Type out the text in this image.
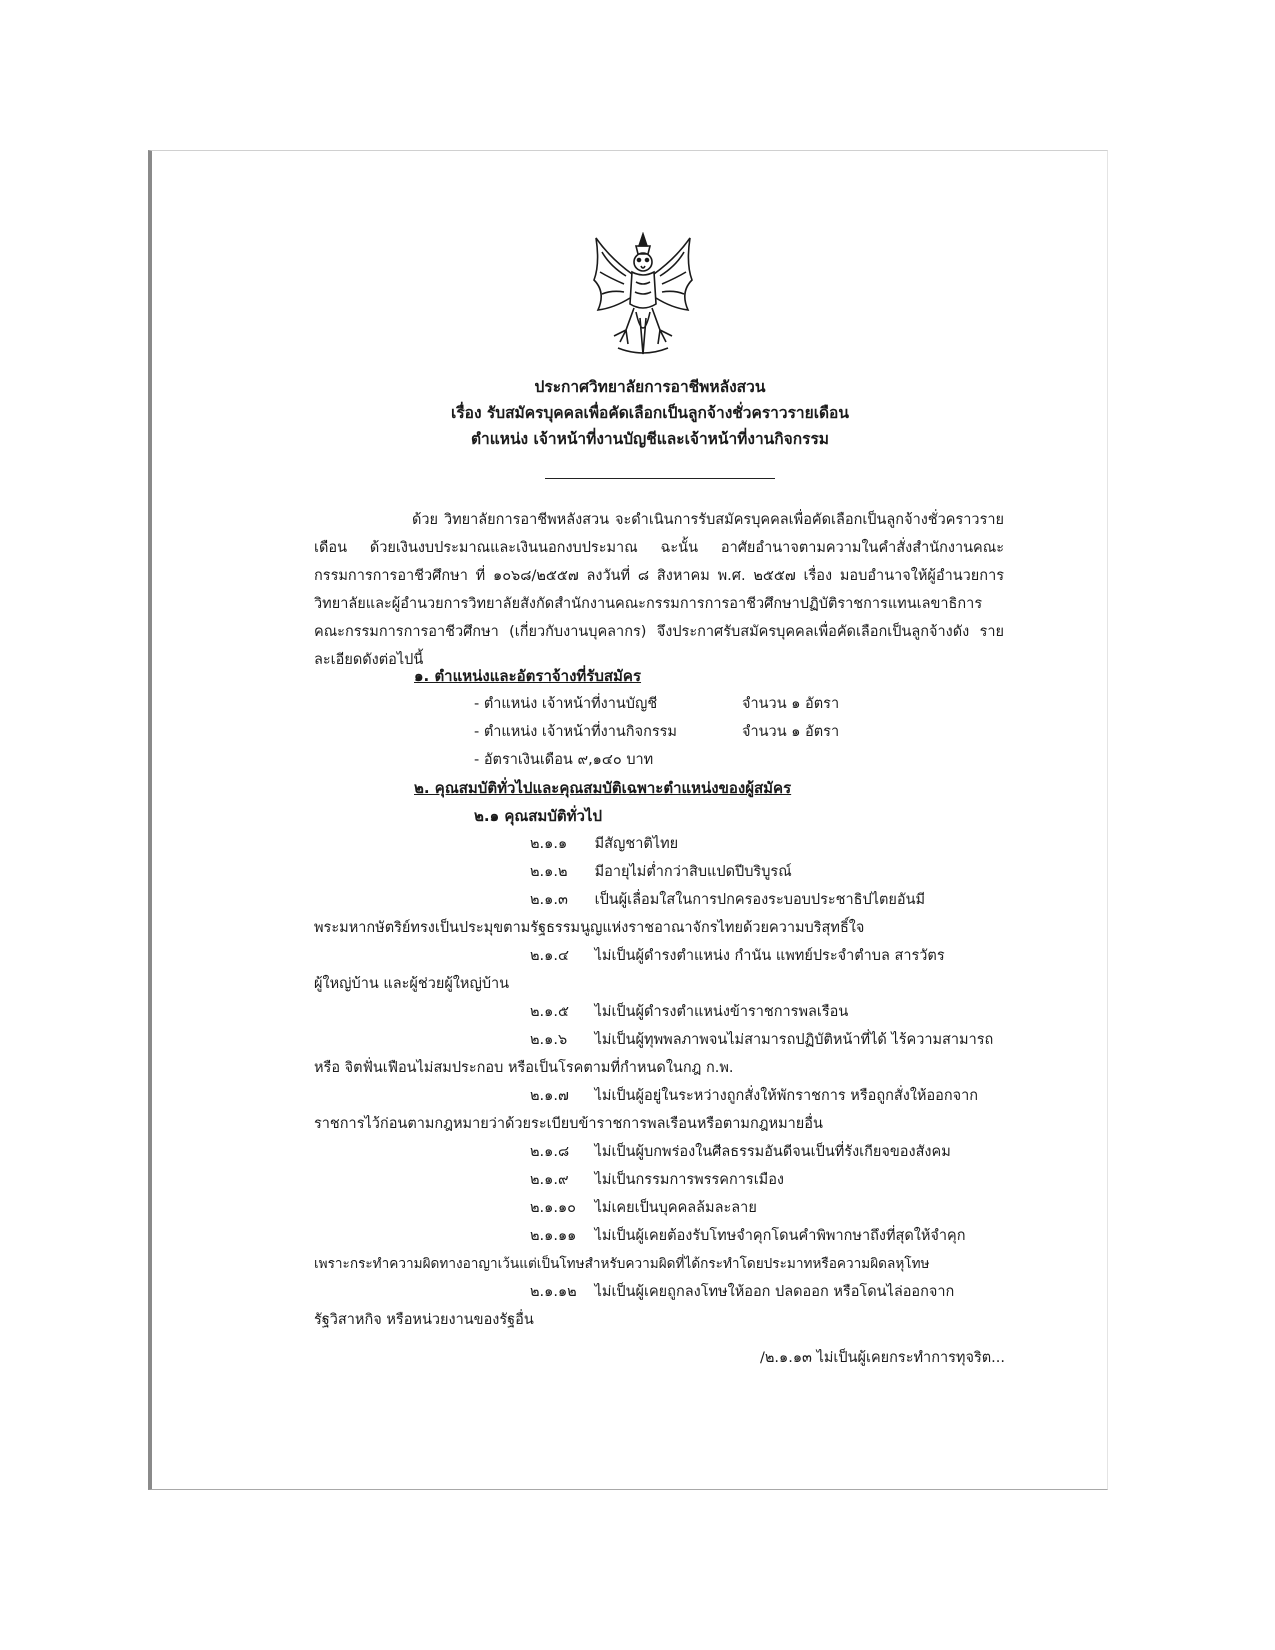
ประกาศวิทยาลัยการอาชีพหลังสวน
เรื่อง รับสมัครบุคคลเพื่อคัดเลือกเป็นลูกจ้างชั่วคราวรายเดือน
ตำแหน่ง เจ้าหน้าที่งานบัญชีและเจ้าหน้าที่งานกิจกรรม
ด้วย วิทยาลัยการอาชีพหลังสวน จะดำเนินการรับสมัครบุคคลเพื่อคัดเลือกเป็นลูกจ้างชั่วคราวรายเดือน ด้วยเงินงบประมาณและเงินนอกงบประมาณ ฉะนั้น อาศัยอำนาจตามความในคำสั่งสำนักงานคณะกรรมการการอาชีวศึกษา ที่ ๑๐๖๘/๒๕๕๗ ลงวันที่ ๘ สิงหาคม พ.ศ. ๒๕๕๗ เรื่อง มอบอำนาจให้ผู้อำนวยการวิทยาลัยและผู้อำนวยการวิทยาลัยสังกัดสำนักงานคณะกรรมการการอาชีวศึกษาปฏิบัติราชการแทนเลขาธิการคณะกรรมการการอาชีวศึกษา (เกี่ยวกับงานบุคลากร) จึงประกาศรับสมัครบุคคลเพื่อคัดเลือกเป็นลูกจ้างดัง รายละเอียดดังต่อไปนี้
๑. ตำแหน่งและอัตราจ้างที่รับสมัคร
- ตำแหน่ง เจ้าหน้าที่งานบัญชี	จำนวน ๑ อัตรา
- ตำแหน่ง เจ้าหน้าที่งานกิจกรรม	จำนวน ๑ อัตรา
- อัตราเงินเดือน ๙,๑๔๐ บาท
๒. คุณสมบัติทั่วไปและคุณสมบัติเฉพาะตำแหน่งของผู้สมัคร
๒.๑ คุณสมบัติทั่วไป
๒.๑.๑ มีสัญชาติไทย
๒.๑.๒ มีอายุไม่ต่ำกว่าสิบแปดปีบริบูรณ์
๒.๑.๓ เป็นผู้เลื่อมใสในการปกครองระบอบประชาธิปไตยอันมี
พระมหากษัตริย์ทรงเป็นประมุขตามรัฐธรรมนูญแห่งราชอาณาจักรไทยด้วยความบริสุทธิ์ใจ
๒.๑.๔ ไม่เป็นผู้ดำรงตำแหน่ง กำนัน แพทย์ประจำตำบล สารวัตร
ผู้ใหญ่บ้าน และผู้ช่วยผู้ใหญ่บ้าน
๒.๑.๕ ไม่เป็นผู้ดำรงตำแหน่งข้าราชการพลเรือน
๒.๑.๖ ไม่เป็นผู้ทุพพลภาพจนไม่สามารถปฏิบัติหน้าที่ได้ ไร้ความสามารถ
หรือ จิตฟั่นเฟือนไม่สมประกอบ หรือเป็นโรคตามที่กำหนดในกฎ ก.พ.
๒.๑.๗ ไม่เป็นผู้อยู่ในระหว่างถูกสั่งให้พักราชการ หรือถูกสั่งให้ออกจาก
ราชการไว้ก่อนตามกฎหมายว่าด้วยระเบียบข้าราชการพลเรือนหรือตามกฎหมายอื่น
๒.๑.๘ ไม่เป็นผู้บกพร่องในศีลธรรมอันดีจนเป็นที่รังเกียจของสังคม
๒.๑.๙ ไม่เป็นกรรมการพรรคการเมือง
๒.๑.๑๐ ไม่เคยเป็นบุคคลล้มละลาย
๒.๑.๑๑ ไม่เป็นผู้เคยต้องรับโทษจำคุกโดนคำพิพากษาถึงที่สุดให้จำคุก
เพราะกระทำความผิดทางอาญาเว้นแต่เป็นโทษสำหรับความผิดที่ได้กระทำโดยประมาทหรือความผิดลหุโทษ
๒.๑.๑๒ ไม่เป็นผู้เคยถูกลงโทษให้ออก ปลดออก หรือโดนไล่ออกจาก
รัฐวิสาหกิจ หรือหน่วยงานของรัฐอื่น
/๒.๑.๑๓ ไม่เป็นผู้เคยกระทำการทุจริต...
